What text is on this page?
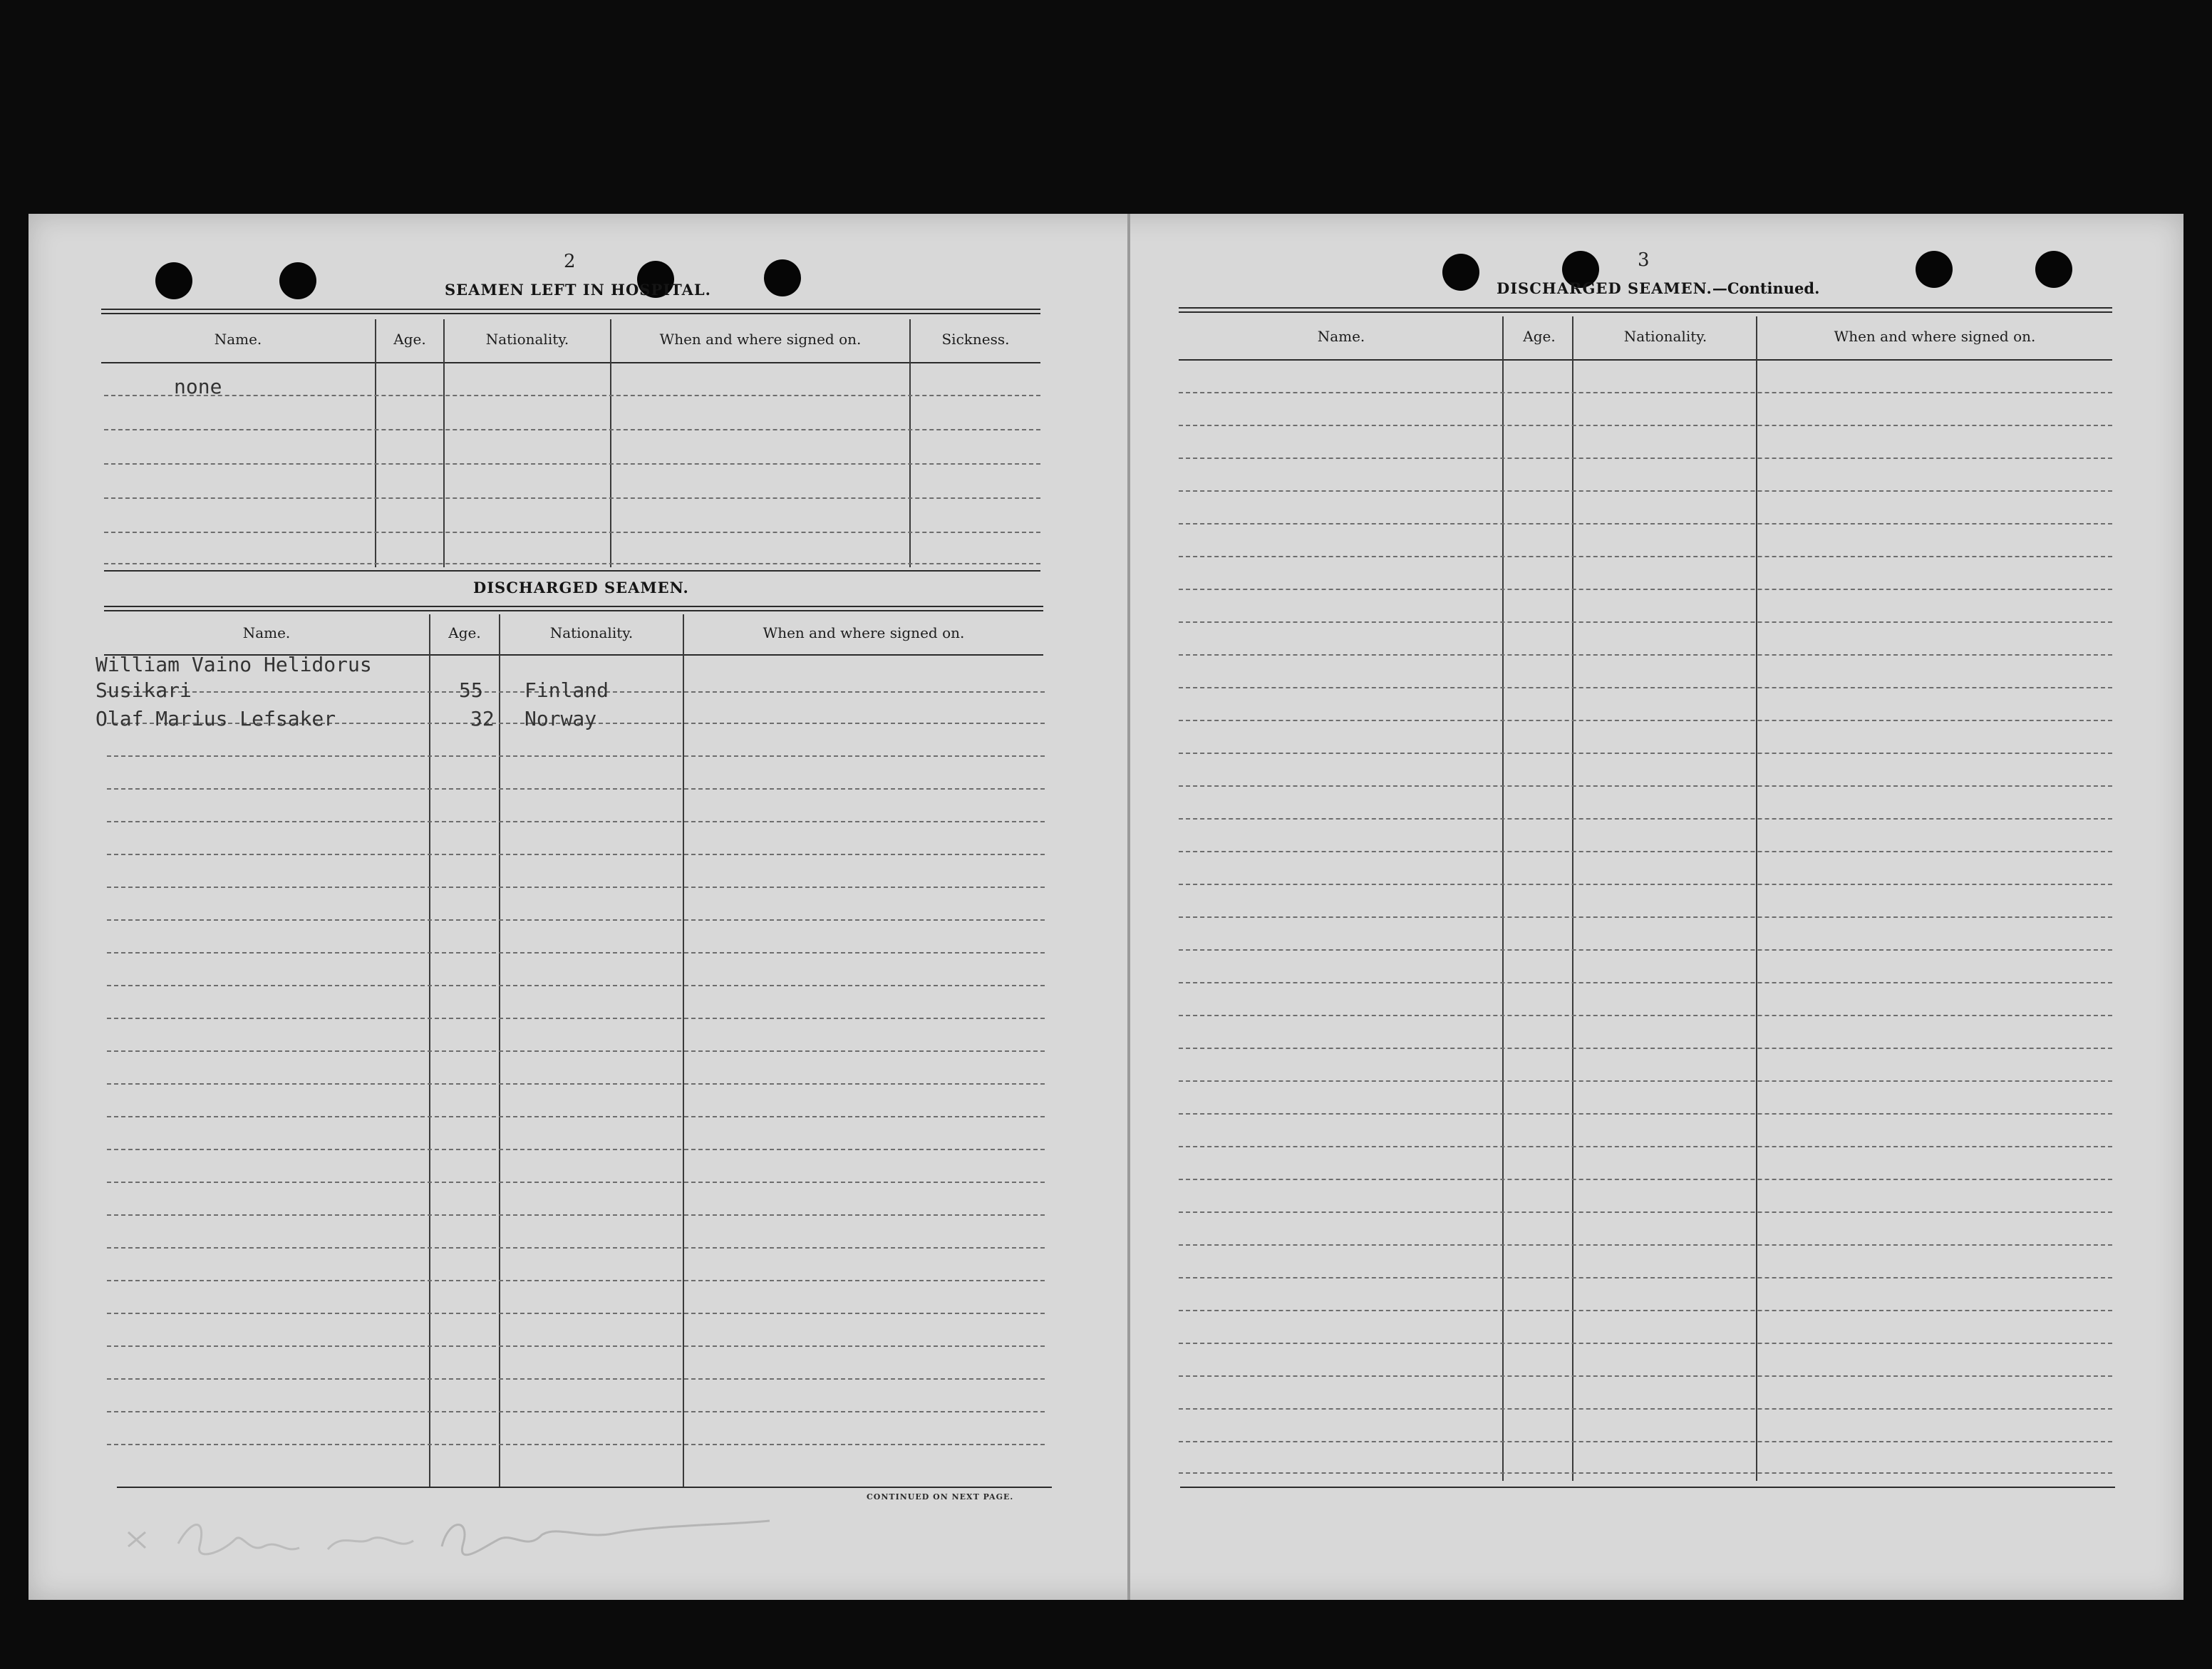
2
SEAMEN LEFT IN HOSPITAL.
Name.	Age.	Nationality.	When and where signed on.	Sickness.
none
DISCHARGED SEAMEN.
Name.	Age.	Nationality.	When and where signed on.
William Vaino Helidorus
Susikari	55 Finland
Olaf Marius Lefsaker	32 Norway
CONTINUED ON NEXT PAGE.
3
DISCHARGED SEAMEN.—Continued.
Name.	Age.	Nationality.	When and where signed on.
